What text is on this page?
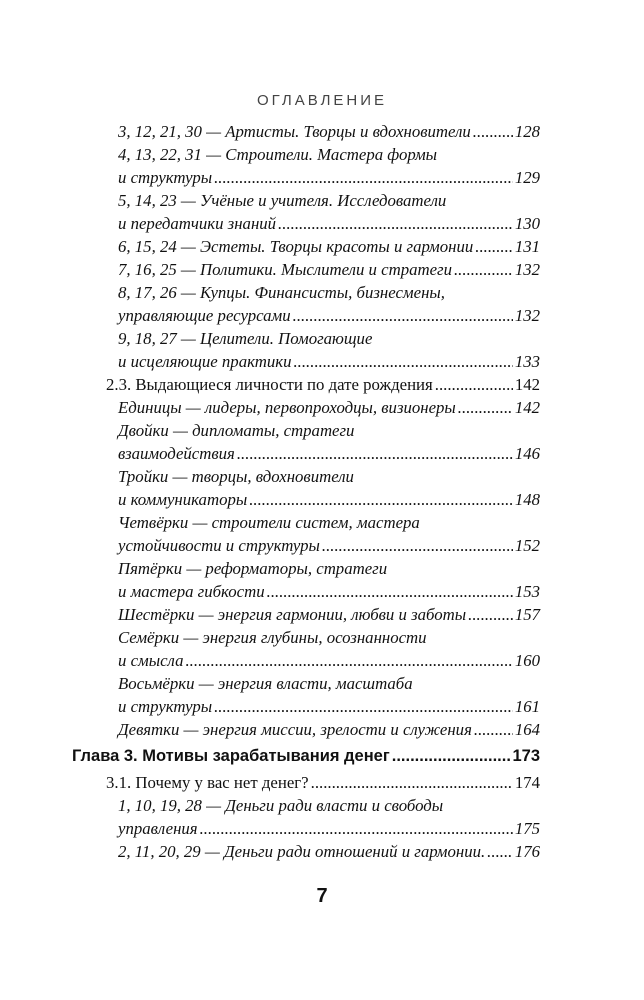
ОГЛАВЛЕНИЕ
3, 12, 21, 30 — Артисты. Творцы и вдохновители .....	128
4, 13, 22, 31 — Строители. Мастера формы
и структуры .....	129
5, 14, 23 — Учёные и учителя. Исследователи
и передатчики знаний .....	130
6, 15, 24 — Эстеты. Творцы красоты и гармонии ..... 131
7, 16, 25 — Политики. Мыслители и стратеги .....	132
8, 17, 26 — Купцы. Финансисты, бизнесмены,
управляющие ресурсами .....	132
9, 18, 27 — Целители. Помогающие
и исцеляющие практики .....	133
2.3. Выдающиеся личности по дате рождения .....	142
Единицы — лидеры, первопроходцы, визионеры .....	142
Двойки — дипломаты, стратеги
взаимодействия .....	146
Тройки — творцы, вдохновители
и коммуникаторы .....	148
Четвёрки — строители систем, мастера
устойчивости и структуры .....	152
Пятёрки — реформаторы, стратеги
и мастера гибкости .....	153
Шестёрки — энергия гармонии, любви и заботы .....	157
Семёрки — энергия глубины, осознанности
и смысла .....	160
Восьмёрки — энергия власти, масштаба
и структуры .....	161
Девятки — энергия миссии, зрелости и служения .....	164
Глава 3. Мотивы зарабатывания денег .....	173
3.1. Почему у вас нет денег? .....	174
1, 10, 19, 28 — Деньги ради власти и свободы
управления .....	175
2, 11, 20, 29 — Деньги ради отношений и гармонии. ..... 176
7
